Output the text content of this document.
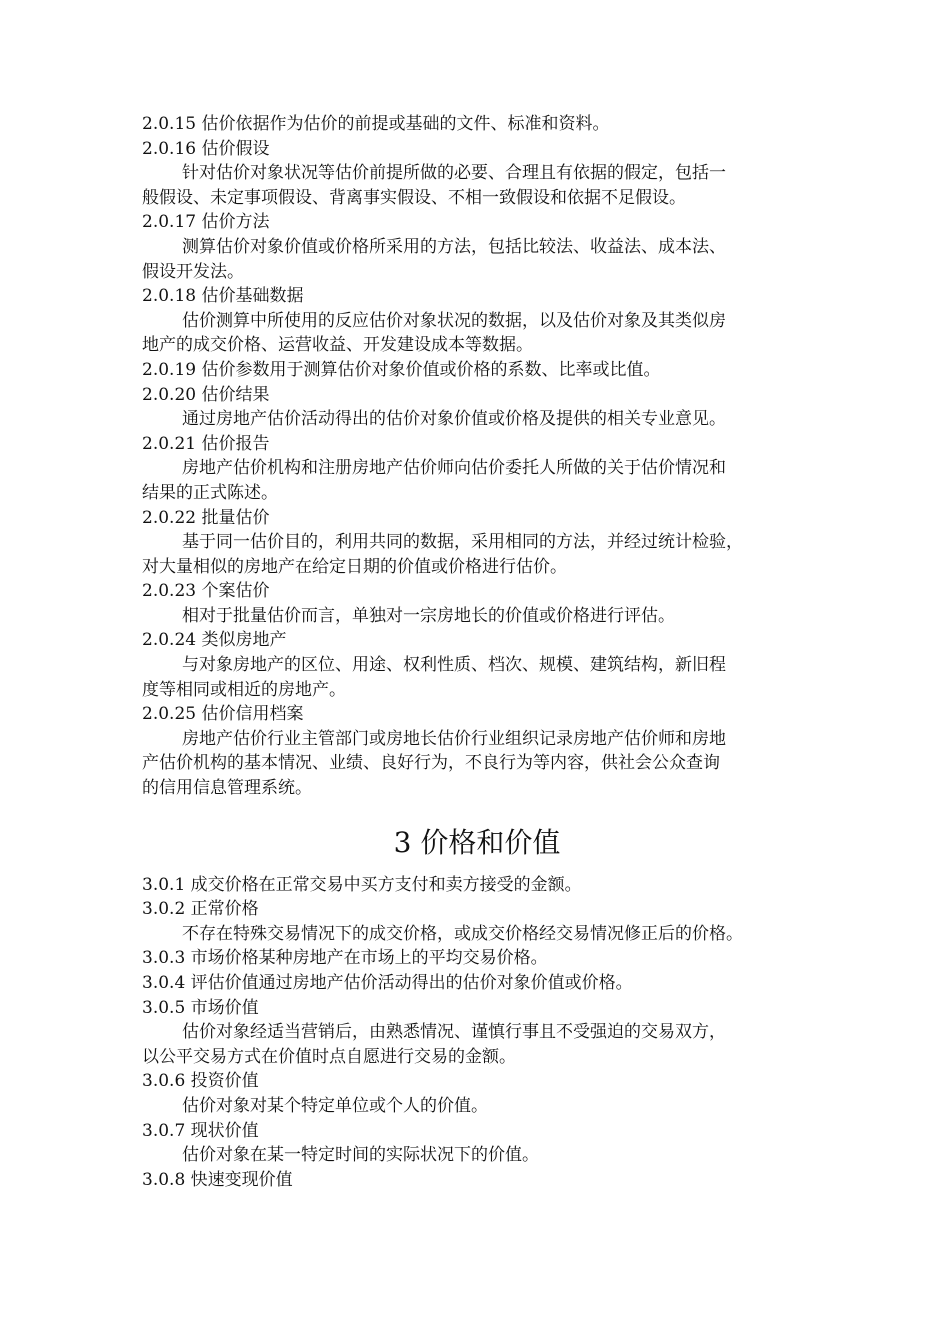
2.0.15 估价依据作为估价的前提或基础的文件、标准和资料。
2.0.16 估价假设
针对估价对象状况等估价前提所做的必要、合理且有依据的假定，包括一
般假设、未定事项假设、背离事实假设、不相一致假设和依据不足假设。
2.0.17 估价方法
测算估价对象价值或价格所采用的方法，包括比较法、收益法、成本法、
假设开发法。
2.0.18 估价基础数据
估价测算中所使用的反应估价对象状况的数据，以及估价对象及其类似房
地产的成交价格、运营收益、开发建设成本等数据。
2.0.19 估价参数用于测算估价对象价值或价格的系数、比率或比值。
2.0.20 估价结果
通过房地产估价活动得出的估价对象价值或价格及提供的相关专业意见。
2.0.21 估价报告
房地产估价机构和注册房地产估价师向估价委托人所做的关于估价情况和
结果的正式陈述。
2.0.22 批量估价
基于同一估价目的，利用共同的数据，采用相同的方法，并经过统计检验，
对大量相似的房地产在给定日期的价值或价格进行估价。
2.0.23 个案估价
相对于批量估价而言，单独对一宗房地长的价值或价格进行评估。
2.0.24 类似房地产
与对象房地产的区位、用途、权利性质、档次、规模、建筑结构，新旧程
度等相同或相近的房地产。
2.0.25 估价信用档案
房地产估价行业主管部门或房地长估价行业组织记录房地产估价师和房地
产估价机构的基本情况、业绩、良好行为，不良行为等内容，供社会公众查询
的信用信息管理系统。
3 价格和价值
3.0.1 成交价格在正常交易中买方支付和卖方接受的金额。
3.0.2 正常价格
不存在特殊交易情况下的成交价格，或成交价格经交易情况修正后的价格。
3.0.3 市场价格某种房地产在市场上的平均交易价格。
3.0.4 评估价值通过房地产估价活动得出的估价对象价值或价格。
3.0.5 市场价值
估价对象经适当营销后，由熟悉情况、谨慎行事且不受强迫的交易双方，
以公平交易方式在价值时点自愿进行交易的金额。
3.0.6 投资价值
估价对象对某个特定单位或个人的价值。
3.0.7 现状价值
估价对象在某一特定时间的实际状况下的价值。
3.0.8 快速变现价值
